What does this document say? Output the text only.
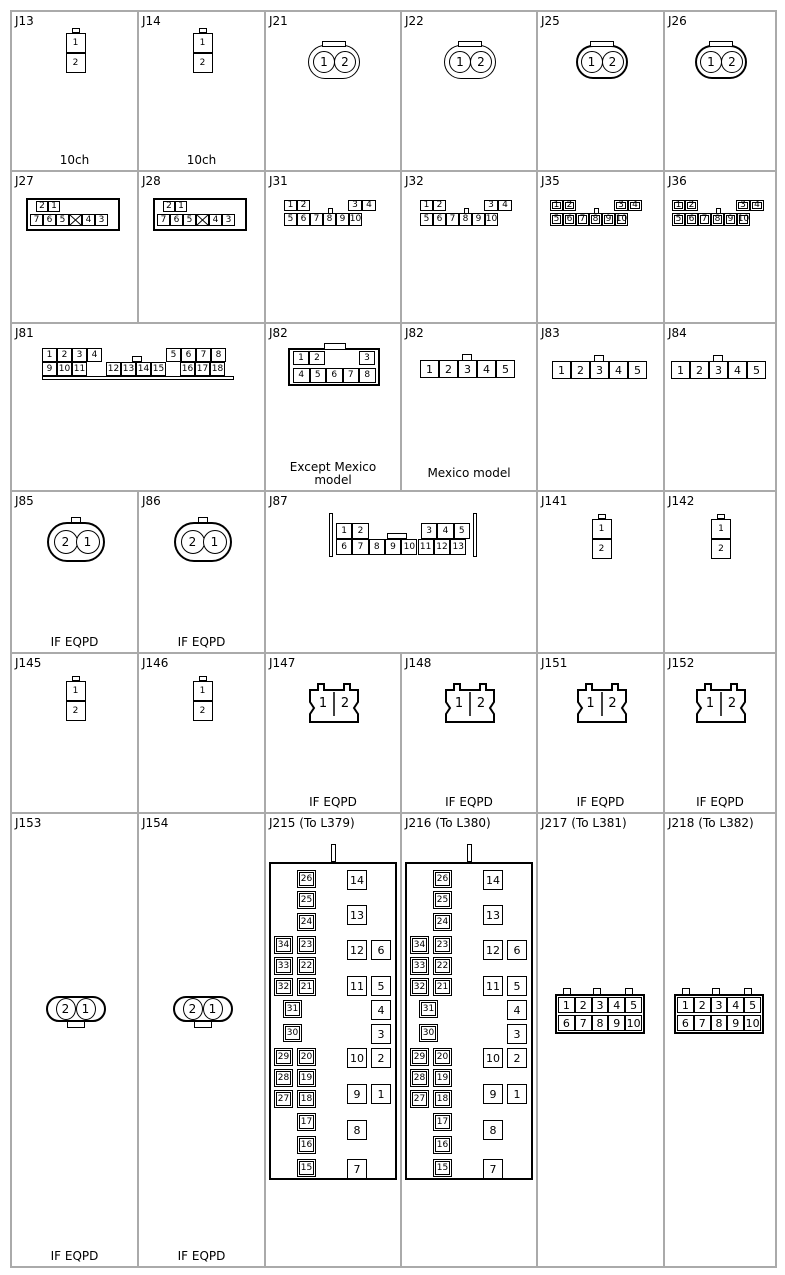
J13
10ch
1
2
J14
10ch
1
2
J21
1	2
J22
1	2
J25
1	2
J26
1	2
J27
2 1
7 6 5	4 3
J28
2 1
7 6 5	4 3
J31
1 2	3 4
5 6 7 8 9 10
J32
1 2	3 4
5 6 7 8 9 10
J35
1 2	3 4
5 6 7 8 9 10
J36
1 2	3 4
5 6 7 8 9 10
J81
1	2	3	4	5	6	7	8
9 10 11	12 13 14 15 16 17 18
J82
Except Mexico model
1	2	3
4	5	6	7	8
J82
Mexico model
1	2	3	4	5
J83
1	2	3	4	5
J84
1	2	3	4	5
J85
IF EQPD
2	1
J86
IF EQPD
2	1
J87
1	2	3	4	5
6	7	8	9 10 11 12 13
J141
1
2
J142
1
2
J145
1
2
J146
1
2
J147
IF EQPD
1	2
J148
IF EQPD
1	2
J151
IF EQPD
1	2
J152
IF EQPD
1	2
J153
IF EQPD
2	1
J154
IF EQPD
2	1
J215 (To L379)
26
25
24
34	23
33	22
32	21
31
30
29	20
28	19
27	18
17
16
15
14
13
12	6
11	5
4
3
10	2
9	1
8
7
J216 (To L380)
26
25
24
34	23
33	22
32	21
31
30
29	20
28	19
27	18
17
16
15
14
13
12	6
11	5
4
3
10	2
9	1
8
7
J217 (To L381)
1 2 3 4 5
6 7 8 9 10
J218 (To L382)
1 2 3 4 5
6 7 8 9 10
